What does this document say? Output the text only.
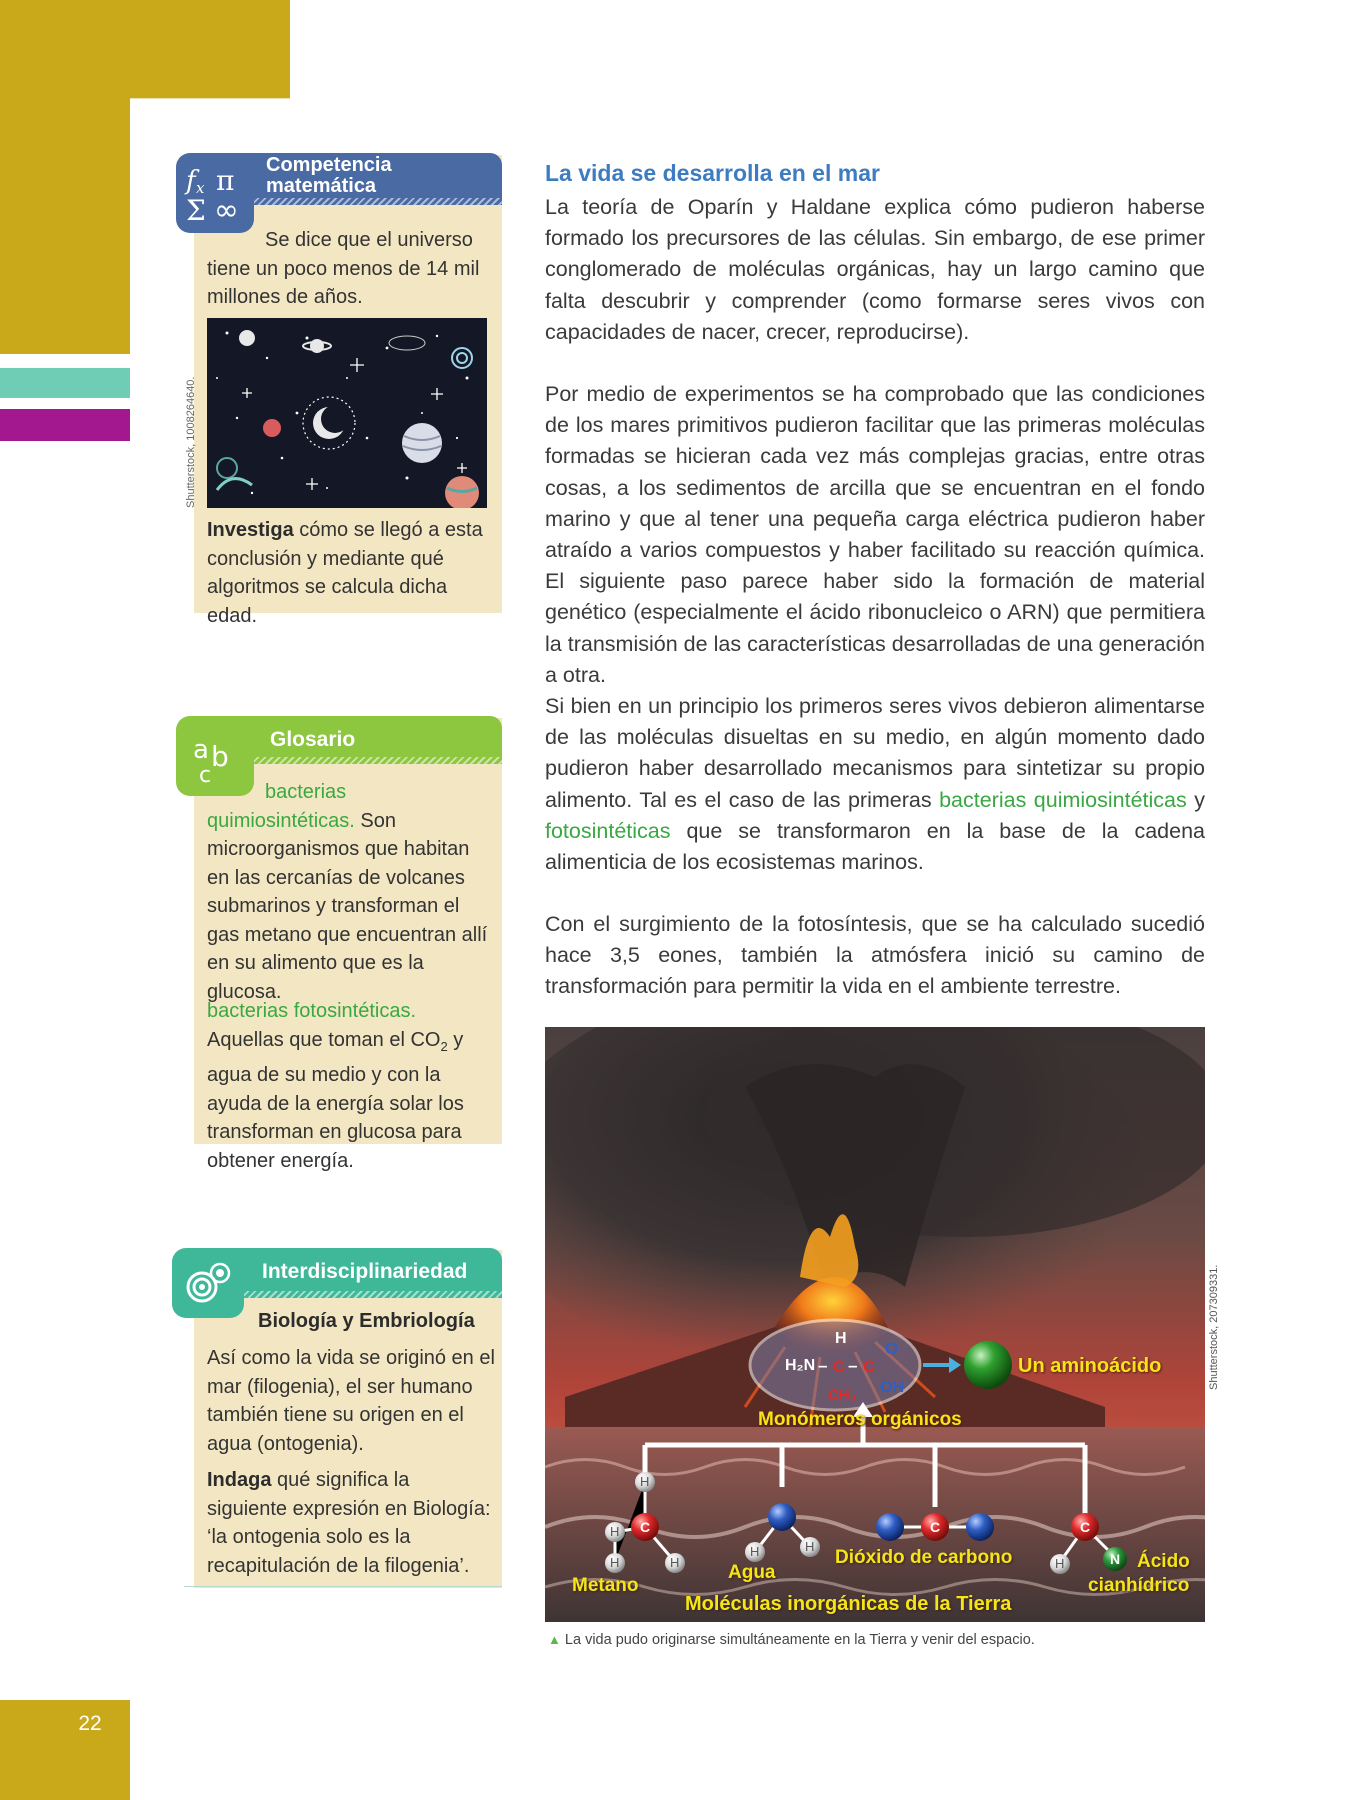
22
Competencia
matemática
f x π
Σ ∞
Se dice que el universo tiene un poco menos de 14 mil millones de años.
Shutterstock, 1008264640.
Investiga cómo se llegó a esta conclusión y mediante qué algoritmos se calcula dicha edad.
Glosario
a b
c
bacterias quimiosintéticas. Son microorganismos que habitan en las cercanías de volcanes submarinos y transforman el gas metano que encuentran allí en su alimento que es la glucosa.
bacterias fotosintéticas. Aquellas que toman el $CO_2$ y agua de su medio y con la ayuda de la energía solar los transforman en glucosa para obtener energía.
Interdisciplinariedad
Biología y Embriología
Así como la vida se originó en el mar (filogenia), el ser humano también tiene su origen en el agua (ontogenia).
Indaga qué significa la siguiente expresión en Biología: ‘la ontogenia solo es la recapitulación de la filogenia’.
La vida se desarrolla en el mar
La teoría de Oparín y Haldane explica cómo pudieron haberse formado los precursores de las células. Sin embargo, de ese primer conglomerado de moléculas orgánicas, hay un largo camino que falta descubrir y comprender (como formarse seres vivos con capacidades de nacer, crecer, reproducirse).
Por medio de experimentos se ha comprobado que las condiciones de los mares primitivos pudieron facilitar que las primeras moléculas formadas se hicieran cada vez más complejas gracias, entre otras cosas, a los sedimentos de arcilla que se encuentran en el fondo marino y que al tener una pequeña carga eléctrica pudieron haber atraído a varios compuestos y haber facilitado su reacción química. El siguiente paso parece haber sido la formación de material genético (especialmente el ácido ribonucleico o ARN) que permitiera la transmisión de las características desarrolladas de una generación a otra.
Si bien en un principio los primeros seres vivos debieron alimentarse de las moléculas disueltas en su medio, en algún momento dado pudieron haber desarrollado mecanismos para sintetizar su propio alimento. Tal es el caso de las primeras bacterias quimiosintéticas y fotosintéticas que se transformaron en la base de la cadena alimenticia de los ecosistemas marinos.
Con el surgimiento de la fotosíntesis, que se ha calculado sucedió hace 3,5 eones, también la atmósfera inició su camino de transformación para permitir la vida en el ambiente terrestre.
H
O
H₂N – C – C
CH₃ OH
H
C
H
H	H
H	H
C	C
H	N
Un aminoácido
Monómeros orgánicos
Metano
Agua
Dióxido de carbono	Ácido
cianhídrico
Moléculas inorgánicas de la Tierra
Shutterstock, 207309331.
▲ La vida pudo originarse simultáneamente en la Tierra y venir del espacio.
